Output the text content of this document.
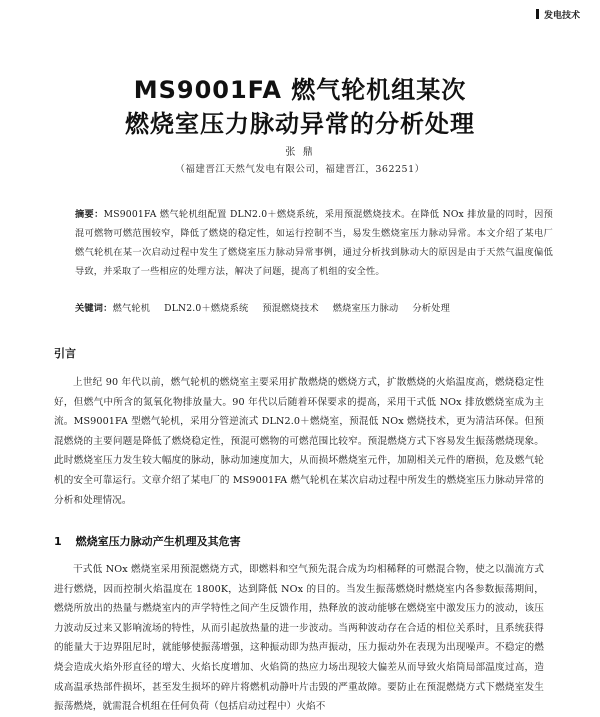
发电技术
MS9001FA 燃气轮机组某次
燃烧室压力脉动异常的分析处理
张 鼎
（福建晋江天然气发电有限公司，福建晋江，362251）
摘要：MS9001FA 燃气轮机组配置 DLN2.0＋燃烧系统，采用预混燃烧技术。在降低 NOx 排放量的同时，因预混可燃物可燃范围较窄，降低了燃烧的稳定性，如运行控制不当，易发生燃烧室压力脉动异常。本文介绍了某电厂燃气轮机在某一次启动过程中发生了燃烧室压力脉动异常事例，通过分析找到脉动大的原因是由于天然气温度偏低导致，并采取了一些相应的处理方法，解决了问题，提高了机组的安全性。
关键词：燃气轮机 DLN2.0＋燃烧系统 预混燃烧技术 燃烧室压力脉动 分析处理
引言
上世纪 90 年代以前，燃气轮机的燃烧室主要采用扩散燃烧的燃烧方式，扩散燃烧的火焰温度高，燃烧稳定性好，但燃气中所含的氮氧化物排放量大。90 年代以后随着环保要求的提高，采用干式低 NOx 排放燃烧室成为主流。MS9001FA 型燃气轮机，采用分管逆流式 DLN2.0＋燃烧室，预混低 NOx 燃烧技术，更为清洁环保。但预混燃烧的主要问题是降低了燃烧稳定性，预混可燃物的可燃范围比较窄。预混燃烧方式下容易发生振荡燃烧现象。此时燃烧室压力发生较大幅度的脉动，脉动加速度加大，从而损坏燃烧室元件，加剧相关元件的磨损，危及燃气轮机的安全可靠运行。文章介绍了某电厂的 MS9001FA 燃气轮机在某次启动过程中所发生的燃烧室压力脉动异常的分析和处理情况。
1 燃烧室压力脉动产生机理及其危害
干式低 NOx 燃烧室采用预混燃烧方式，即燃料和空气预先混合成为均相稀释的可燃混合物，使之以湍流方式进行燃烧，因而控制火焰温度在 1800K，达到降低 NOx 的目的。当发生振荡燃烧时燃烧室内各参数振荡期间，燃烧所放出的热量与燃烧室内的声学特性之间产生反馈作用，热释放的波动能够在燃烧室中激发压力的波动，该压力波动反过来又影响流场的特性，从而引起放热量的进一步波动。当两种波动存在合适的相位关系时，且系统获得的能量大于边界阻尼时，就能够使振荡增强，这种振动即为热声振动，压力振动外在表现为出现噪声。不稳定的燃烧会造成火焰外形直径的增大、火焰长度增加、火焰筒的热应力场出现较大偏差从而导致火焰筒局部温度过高，造成高温承热部件损坏，甚至发生损坏的碎片将燃机动静叶片击毁的严重故障。要防止在预混燃烧方式下燃烧室发生振荡燃烧，就需混合机组在任何负荷（包括启动过程中）火焰不
